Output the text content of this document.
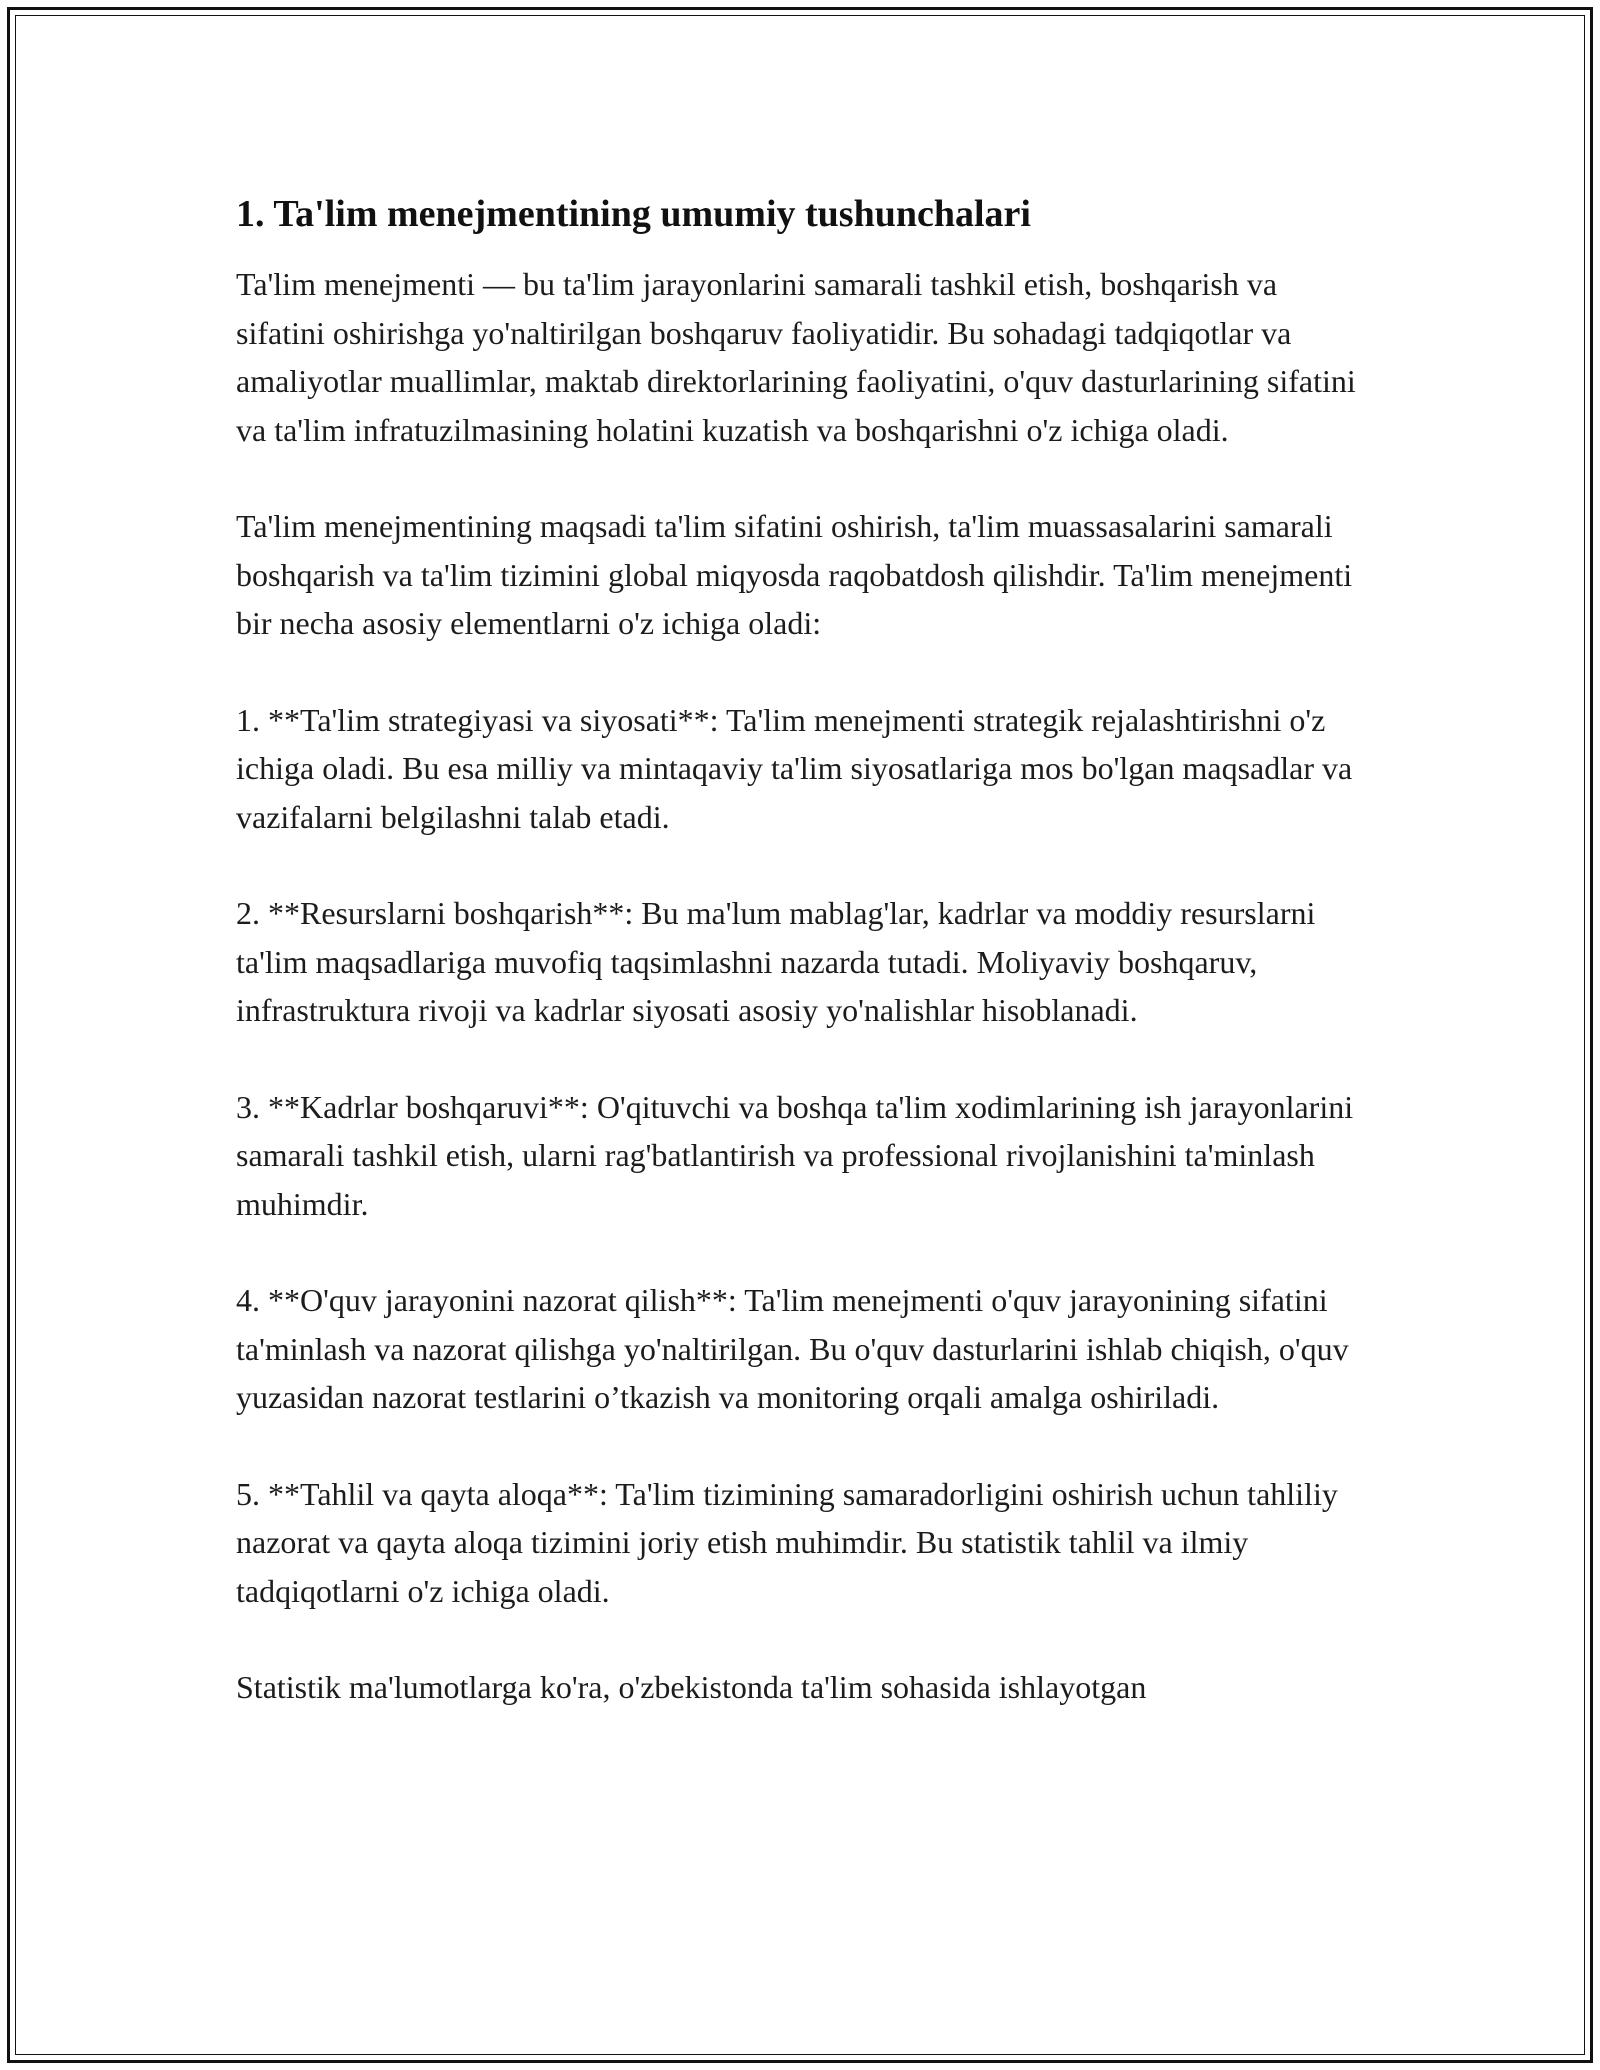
1. Ta'lim menejmentining umumiy tushunchalari

Ta'lim menejmenti — bu ta'lim jarayonlarini samarali tashkil etish, boshqarish va sifatini oshirishga yo'naltirilgan boshqaruv faoliyatidir. Bu sohadagi tadqiqotlar va amaliyotlar muallimlar, maktab direktorlarining faoliyatini, o'quv dasturlarining sifatini va ta'lim infratuzilmasining holatini kuzatish va boshqarishni o'z ichiga oladi.

Ta'lim menejmentining maqsadi ta'lim sifatini oshirish, ta'lim muassasalarini samarali boshqarish va ta'lim tizimini global miqyosda raqobatdosh qilishdir. Ta'lim menejmenti bir necha asosiy elementlarni o'z ichiga oladi:

1. **Ta'lim strategiyasi va siyosati**: Ta'lim menejmenti strategik rejalashtirishni o'z ichiga oladi. Bu esa milliy va mintaqaviy ta'lim siyosatlariga mos bo'lgan maqsadlar va vazifalarni belgilashni talab etadi.

2. **Resurslarni boshqarish**: Bu ma'lum mablag'lar, kadrlar va moddiy resurslarni ta'lim maqsadlariga muvofiq taqsimlashni nazarda tutadi. Moliyaviy boshqaruv, infrastruktura rivoji va kadrlar siyosati asosiy yo'nalishlar hisoblanadi.

3. **Kadrlar boshqaruvi**: O'qituvchi va boshqa ta'lim xodimlarining ish jarayonlarini samarali tashkil etish, ularni rag'batlantirish va professional rivojlanishini ta'minlash muhimdir.

4. **O'quv jarayonini nazorat qilish**: Ta'lim menejmenti o'quv jarayonining sifatini ta'minlash va nazorat qilishga yo'naltirilgan. Bu o'quv dasturlarini ishlab chiqish, o'quv yuzasidan nazorat testlarini o’tkazish va monitoring orqali amalga oshiriladi.

5. **Tahlil va qayta aloqa**: Ta'lim tizimining samaradorligini oshirish uchun tahliliy nazorat va qayta aloqa tizimini joriy etish muhimdir. Bu statistik tahlil va ilmiy tadqiqotlarni o'z ichiga oladi.

Statistik ma'lumotlarga ko'ra, o'zbekistonda ta'lim sohasida ishlayotgan
